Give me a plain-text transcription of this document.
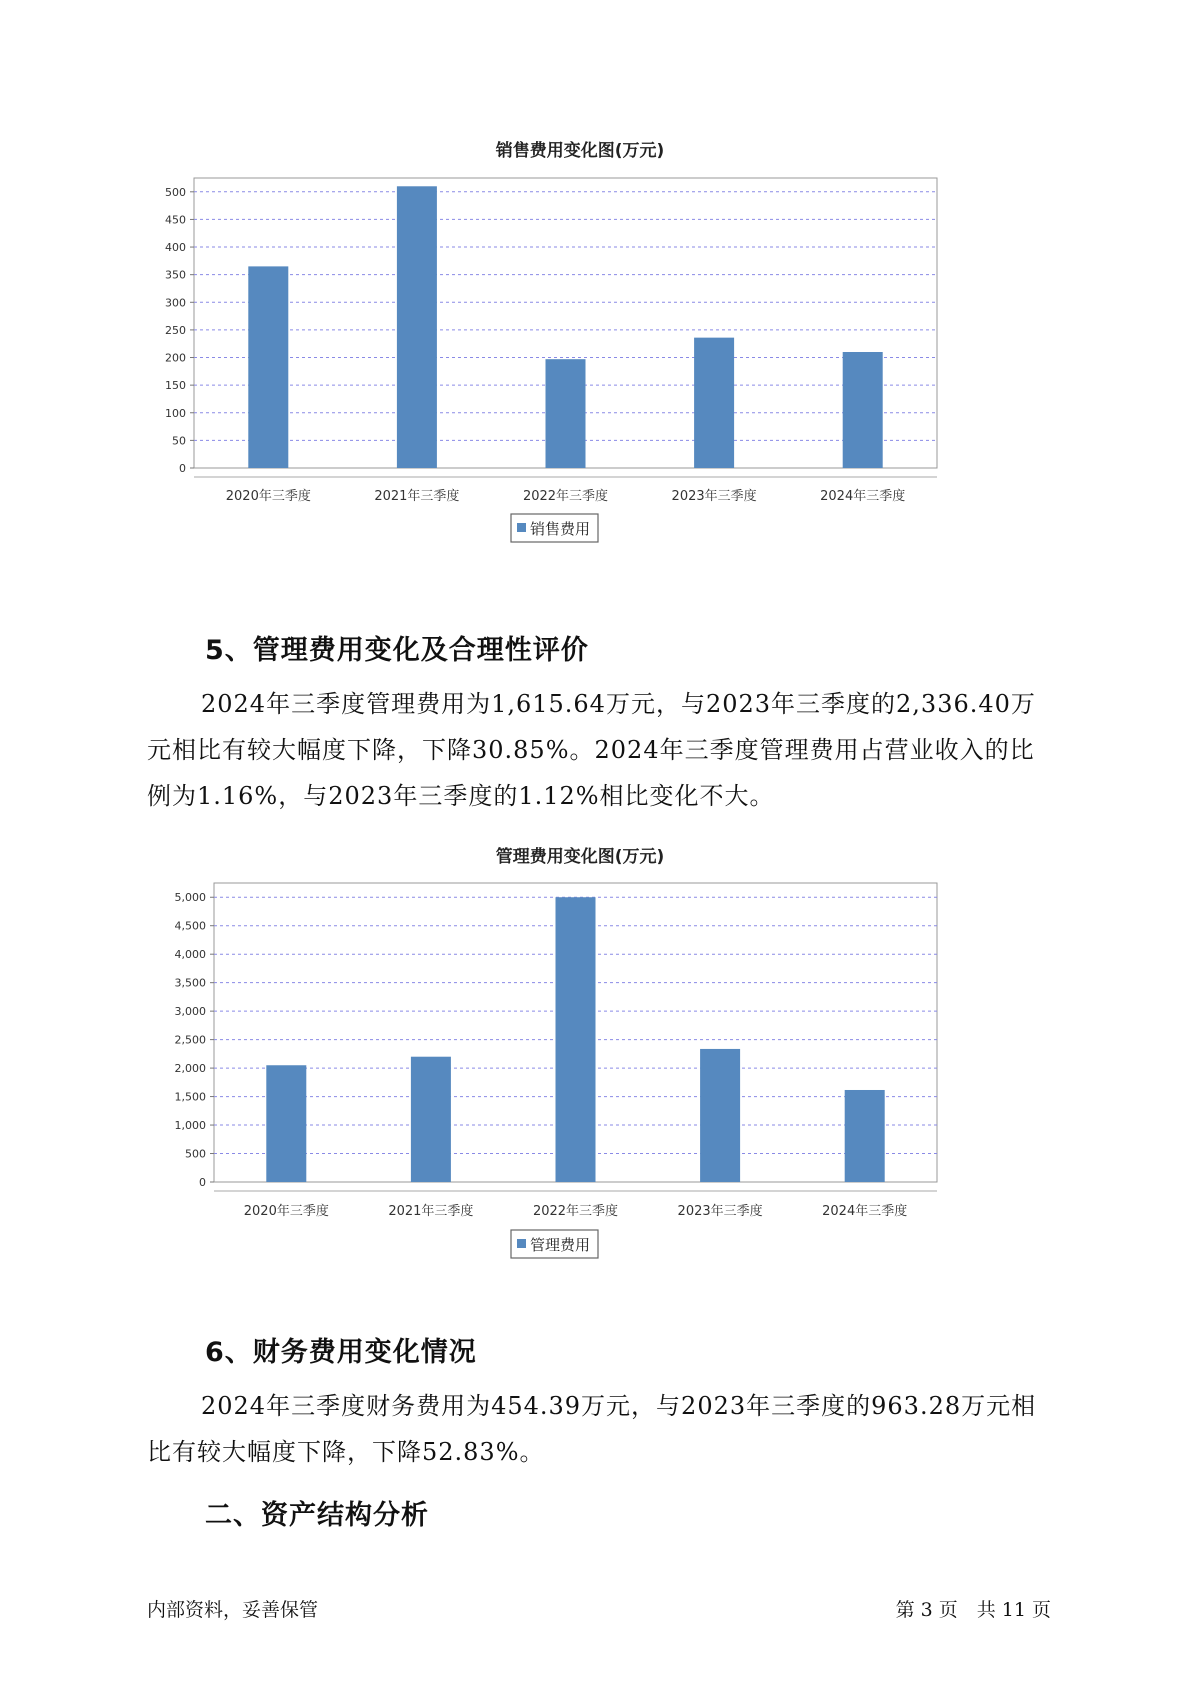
销售费用变化图(万元)
0
50
100
150
200
250
300
350
400
450
500
2020年三季度	2021年三季度	2022年三季度	2023年三季度	2024年三季度
销售费用
5、管理费用变化及合理性评价

2024年三季度管理费用为1,615.64万元，与2023年三季度的2,336.40万元相比有较大幅度下降，下降30.85%。2024年三季度管理费用占营业收入的比例为1.16%，与2023年三季度的1.12%相比变化不大。

管理费用变化图(万元)
0
500
1,000
1,500
2,000
2,500
3,000
3,500
4,000
4,500
5,000
2020年三季度	2021年三季度	2022年三季度	2023年三季度	2024年三季度
管理费用
6、财务费用变化情况

2024年三季度财务费用为454.39万元，与2023年三季度的963.28万元相比有较大幅度下降，下降52.83%。

二、资产结构分析
内部资料，妥善保管	第 3 页　共 11 页
